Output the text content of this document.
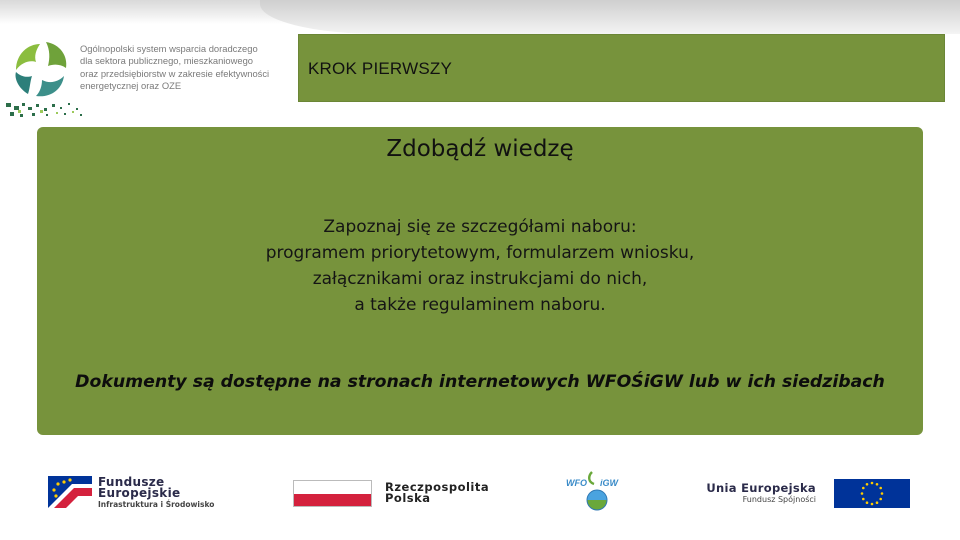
Ogólnopolski system wsparcia doradczego
dla sektora publicznego, mieszkaniowego
oraz przedsiębiorstw w zakresie efektywności
energetycznej oraz OZE
KROK PIERWSZY
Zdobądź wiedzę
Zapoznaj się ze szczegółami naboru:
programem priorytetowym, formularzem wniosku,
załącznikami oraz instrukcjami do nich,
a także regulaminem naboru.
Dokumenty są dostępne na stronach internetowych WFOŚiGW lub w ich siedzibach
Fundusze
Europejskie
Infrastruktura i Środowisko
Rzeczpospolita
Polska
WFO iGW	Unia Europejska
Fundusz Spójności
